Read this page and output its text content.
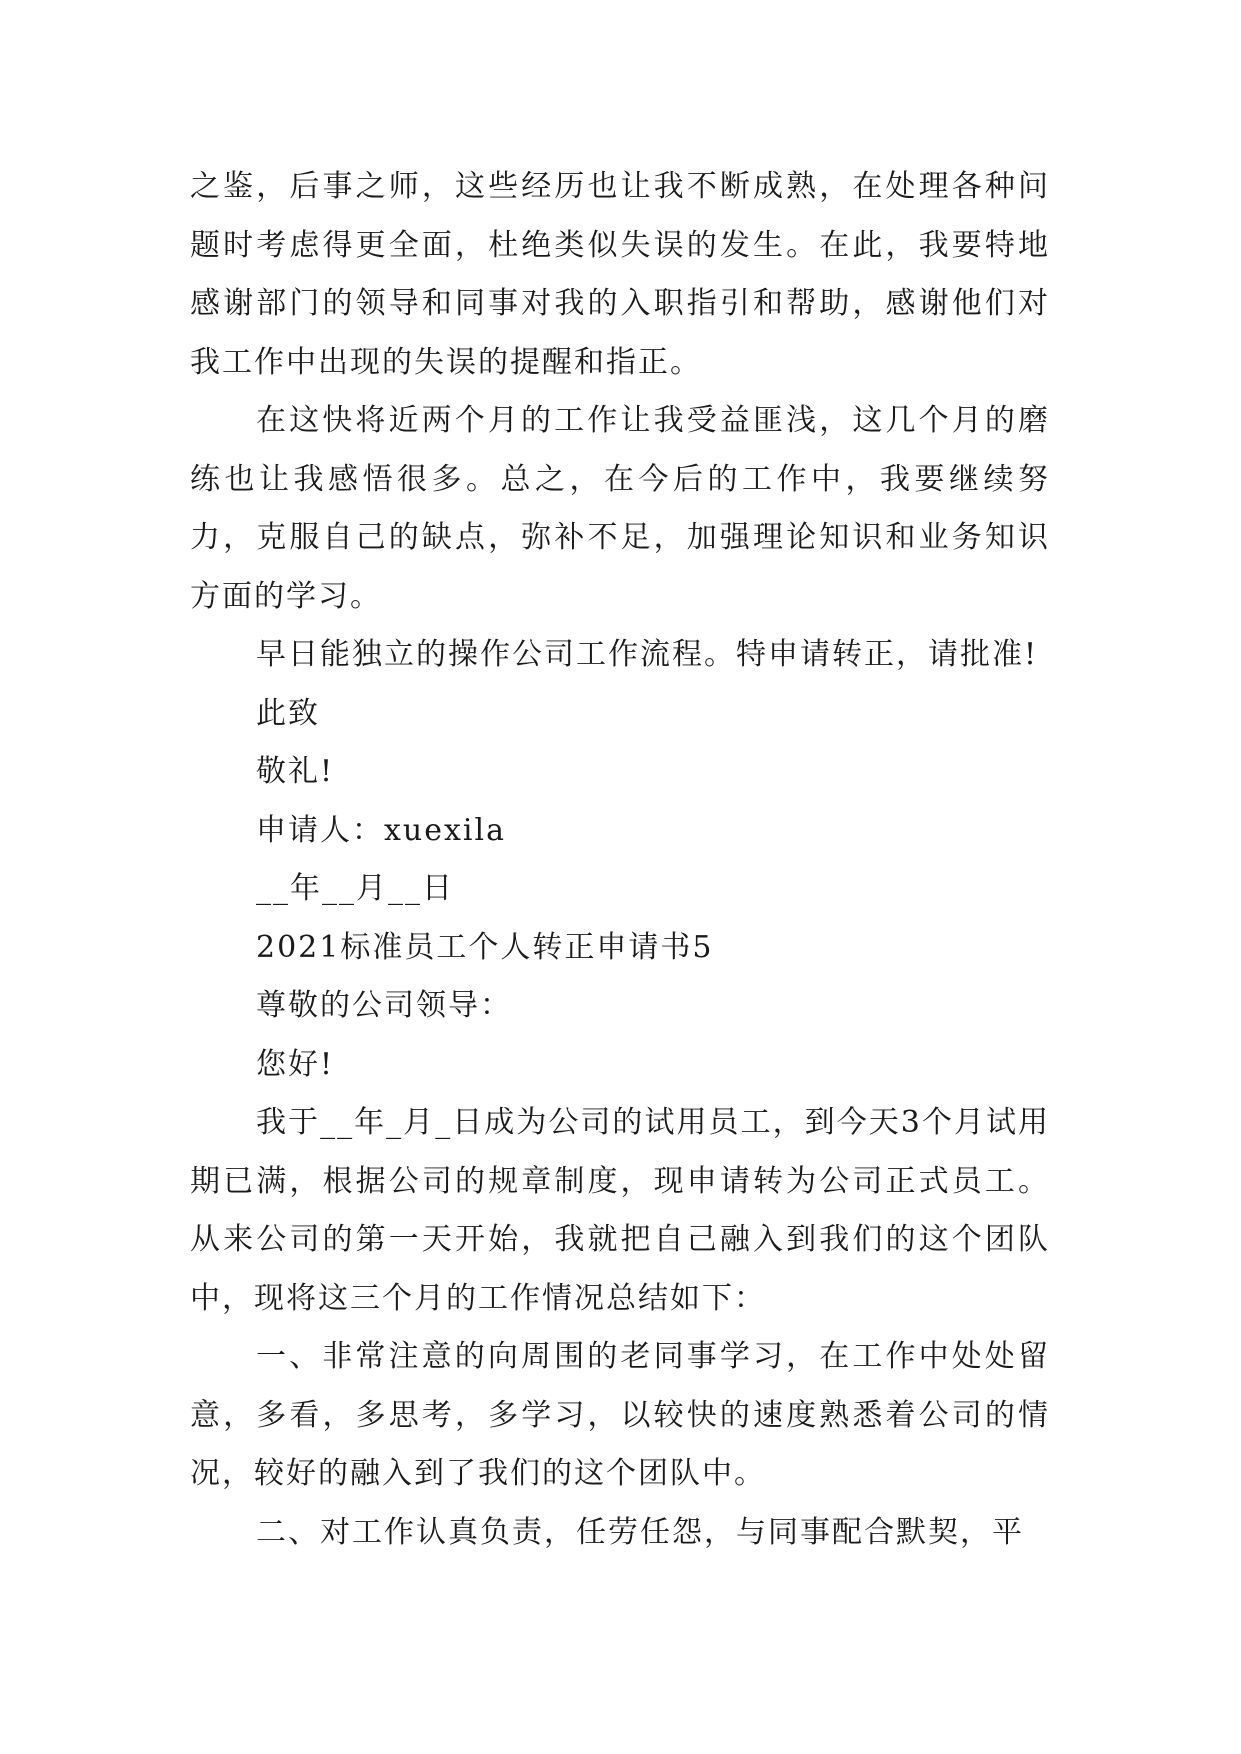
之鉴，后事之师，这些经历也让我不断成熟，在处理各种问题时考虑得更全面，杜绝类似失误的发生。在此，我要特地感谢部门的领导和同事对我的入职指引和帮助，感谢他们对我工作中出现的失误的提醒和指正。

在这快将近两个月的工作让我受益匪浅，这几个月的磨练也让我感悟很多。总之，在今后的工作中，我要继续努力，克服自己的缺点，弥补不足，加强理论知识和业务知识方面的学习。

早日能独立的操作公司工作流程。特申请转正，请批准!

此致

敬礼!

申请人：xuexila

__年__月__日

2021标准员工个人转正申请书5

尊敬的公司领导：

您好!

我于__年_月_日成为公司的试用员工，到今天3个月试用期已满，根据公司的规章制度，现申请转为公司正式员工。从来公司的第一天开始，我就把自己融入到我们的这个团队中，现将这三个月的工作情况总结如下：

一、非常注意的向周围的老同事学习，在工作中处处留意，多看，多思考，多学习，以较快的速度熟悉着公司的情况，较好的融入到了我们的这个团队中。

二、对工作认真负责，任劳任怨，与同事配合默契，平
